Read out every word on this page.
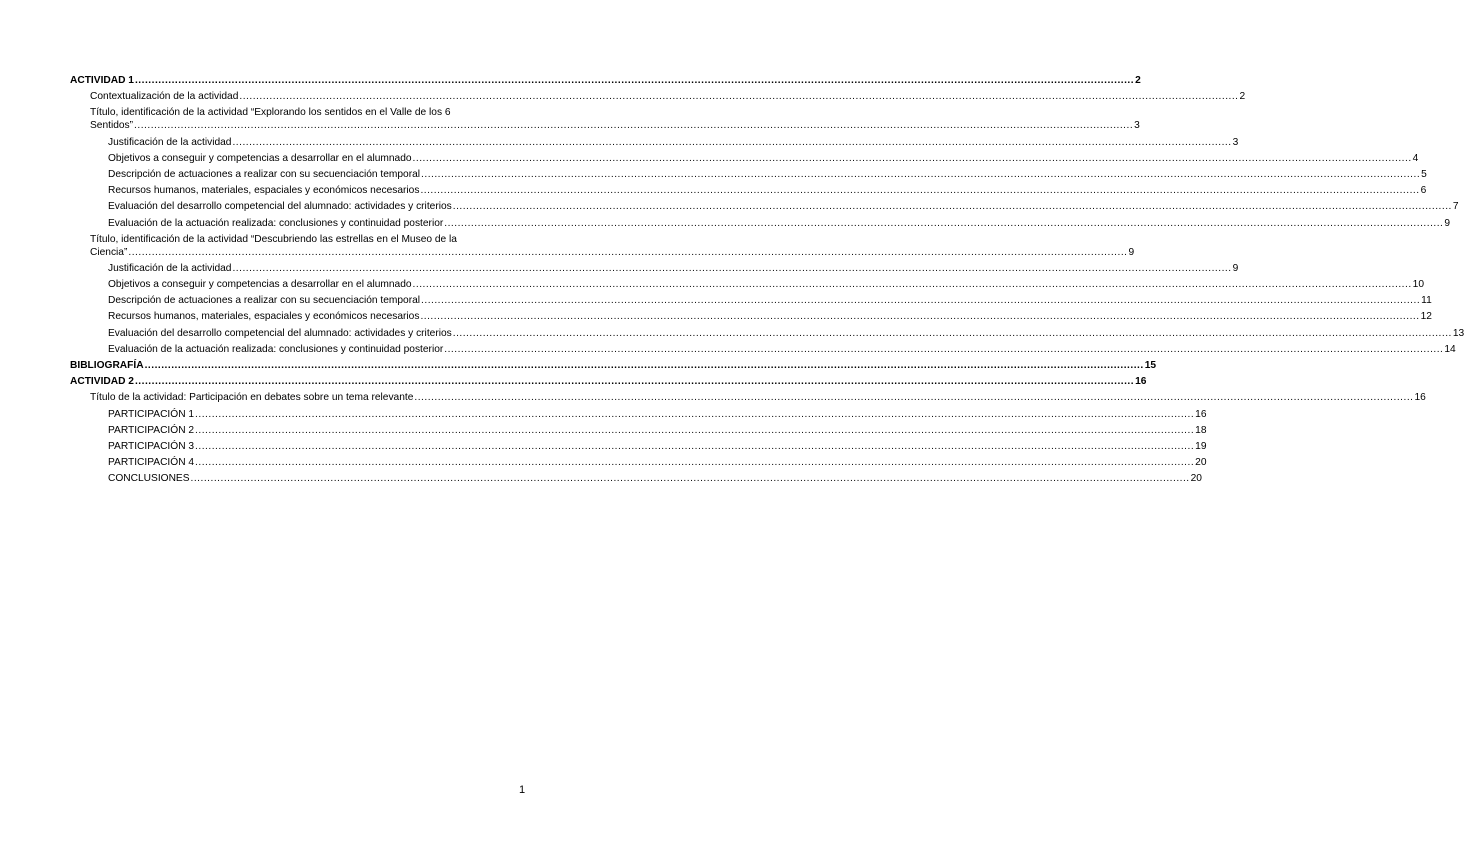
ACTIVIDAD 1 ............................................................................................................................................................................................................................................................................................................ 2
Contextualización de la actividad ............................................................................................................................................................................................................................................................................................................ 2
Título, identificación de la actividad “Explorando los sentidos en el Valle de los 6
Sentidos” ............................................................................................................................................................................................................................................................................................................ 3
Justificación de la actividad ............................................................................................................................................................................................................................................................................................................ 3
Objetivos a conseguir y competencias a desarrollar en el alumnado ............................................................................................................................................................................................................................................................................................................ 4
Descripción de actuaciones a realizar con su secuenciación temporal ............................................................................................................................................................................................................................................................................................................ 5
Recursos humanos, materiales, espaciales y económicos necesarios ............................................................................................................................................................................................................................................................................................................ 6
Evaluación del desarrollo competencial del alumnado: actividades y criterios ............................................................................................................................................................................................................................................................................................................ 7
Evaluación de la actuación realizada: conclusiones y continuidad posterior ............................................................................................................................................................................................................................................................................................................ 9
Título, identificación de la actividad “Descubriendo las estrellas en el Museo de la
Ciencia” ............................................................................................................................................................................................................................................................................................................ 9
Justificación de la actividad ............................................................................................................................................................................................................................................................................................................ 9
Objetivos a conseguir y competencias a desarrollar en el alumnado ............................................................................................................................................................................................................................................................................................................ 10
Descripción de actuaciones a realizar con su secuenciación temporal ............................................................................................................................................................................................................................................................................................................ 11
Recursos humanos, materiales, espaciales y económicos necesarios ............................................................................................................................................................................................................................................................................................................ 12
Evaluación del desarrollo competencial del alumnado: actividades y criterios ............................................................................................................................................................................................................................................................................................................ 13
Evaluación de la actuación realizada: conclusiones y continuidad posterior ............................................................................................................................................................................................................................................................................................................ 14
BIBLIOGRAFÍA ............................................................................................................................................................................................................................................................................................................ 15
ACTIVIDAD 2 ............................................................................................................................................................................................................................................................................................................ 16
Título de la actividad: Participación en debates sobre un tema relevante ............................................................................................................................................................................................................................................................................................................ 16
PARTICIPACIÓN 1 ............................................................................................................................................................................................................................................................................................................ 16
PARTICIPACIÓN 2 ............................................................................................................................................................................................................................................................................................................ 18
PARTICIPACIÓN 3 ............................................................................................................................................................................................................................................................................................................ 19
PARTICIPACIÓN 4 ............................................................................................................................................................................................................................................................................................................ 20
CONCLUSIONES ............................................................................................................................................................................................................................................................................................................ 20
1
